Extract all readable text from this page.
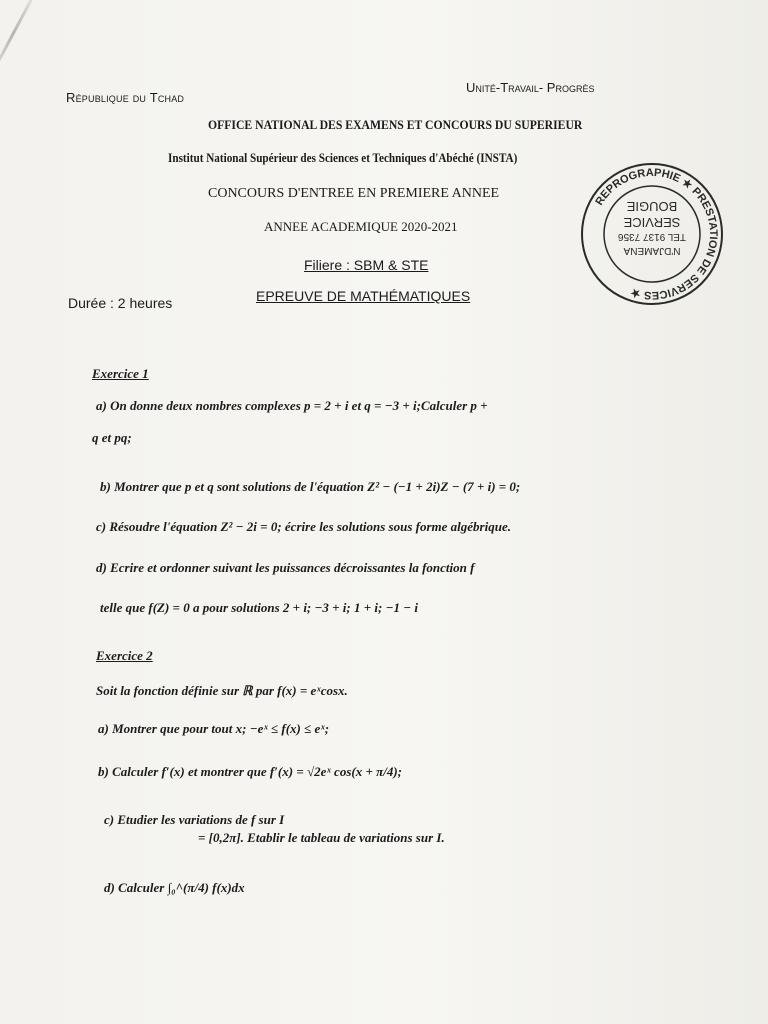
République du Tchad
Unité-Travail- Progrès
OFFICE NATIONAL DES EXAMENS ET CONCOURS DU SUPERIEUR
Institut National Supérieur des Sciences et Techniques d'Abéché (INSTA)
CONCOURS D'ENTREE EN PREMIERE ANNEE
ANNEE ACADEMIQUE 2020-2021
Filiere : SBM & STE
Durée : 2 heures	EPREUVE DE MATHÉMATIQUES
REPROGRAPHIE ★ PRESTATION DE SERVICES ★
N'DJAMENA
TEL 9137 7356
SERVICE
BOUGIE
Exercice 1
a) On donne deux nombres complexes p = 2 + i et q = −3 + i;Calculer p +
q et pq;
b) Montrer que p et q sont solutions de l'équation Z² − (−1 + 2i)Z − (7 + i) = 0;
c) Résoudre l'équation Z² − 2i = 0; écrire les solutions sous forme algébrique.
d) Ecrire et ordonner suivant les puissances décroissantes la fonction f
telle que f(Z) = 0 a pour solutions 2 + i; −3 + i; 1 + i; −1 − i
Exercice 2
Soit la fonction définie sur ℝ par f(x) = eˣcosx.
a) Montrer que pour tout x; −eˣ ≤ f(x) ≤ eˣ;
b) Calculer f′(x) et montrer que f′(x) = √2eˣ cos(x + π/4);
c) Etudier les variations de f sur I
= [0,2π]. Etablir le tableau de variations sur I.
d) Calculer ∫₀^(π/4) f(x)dx
